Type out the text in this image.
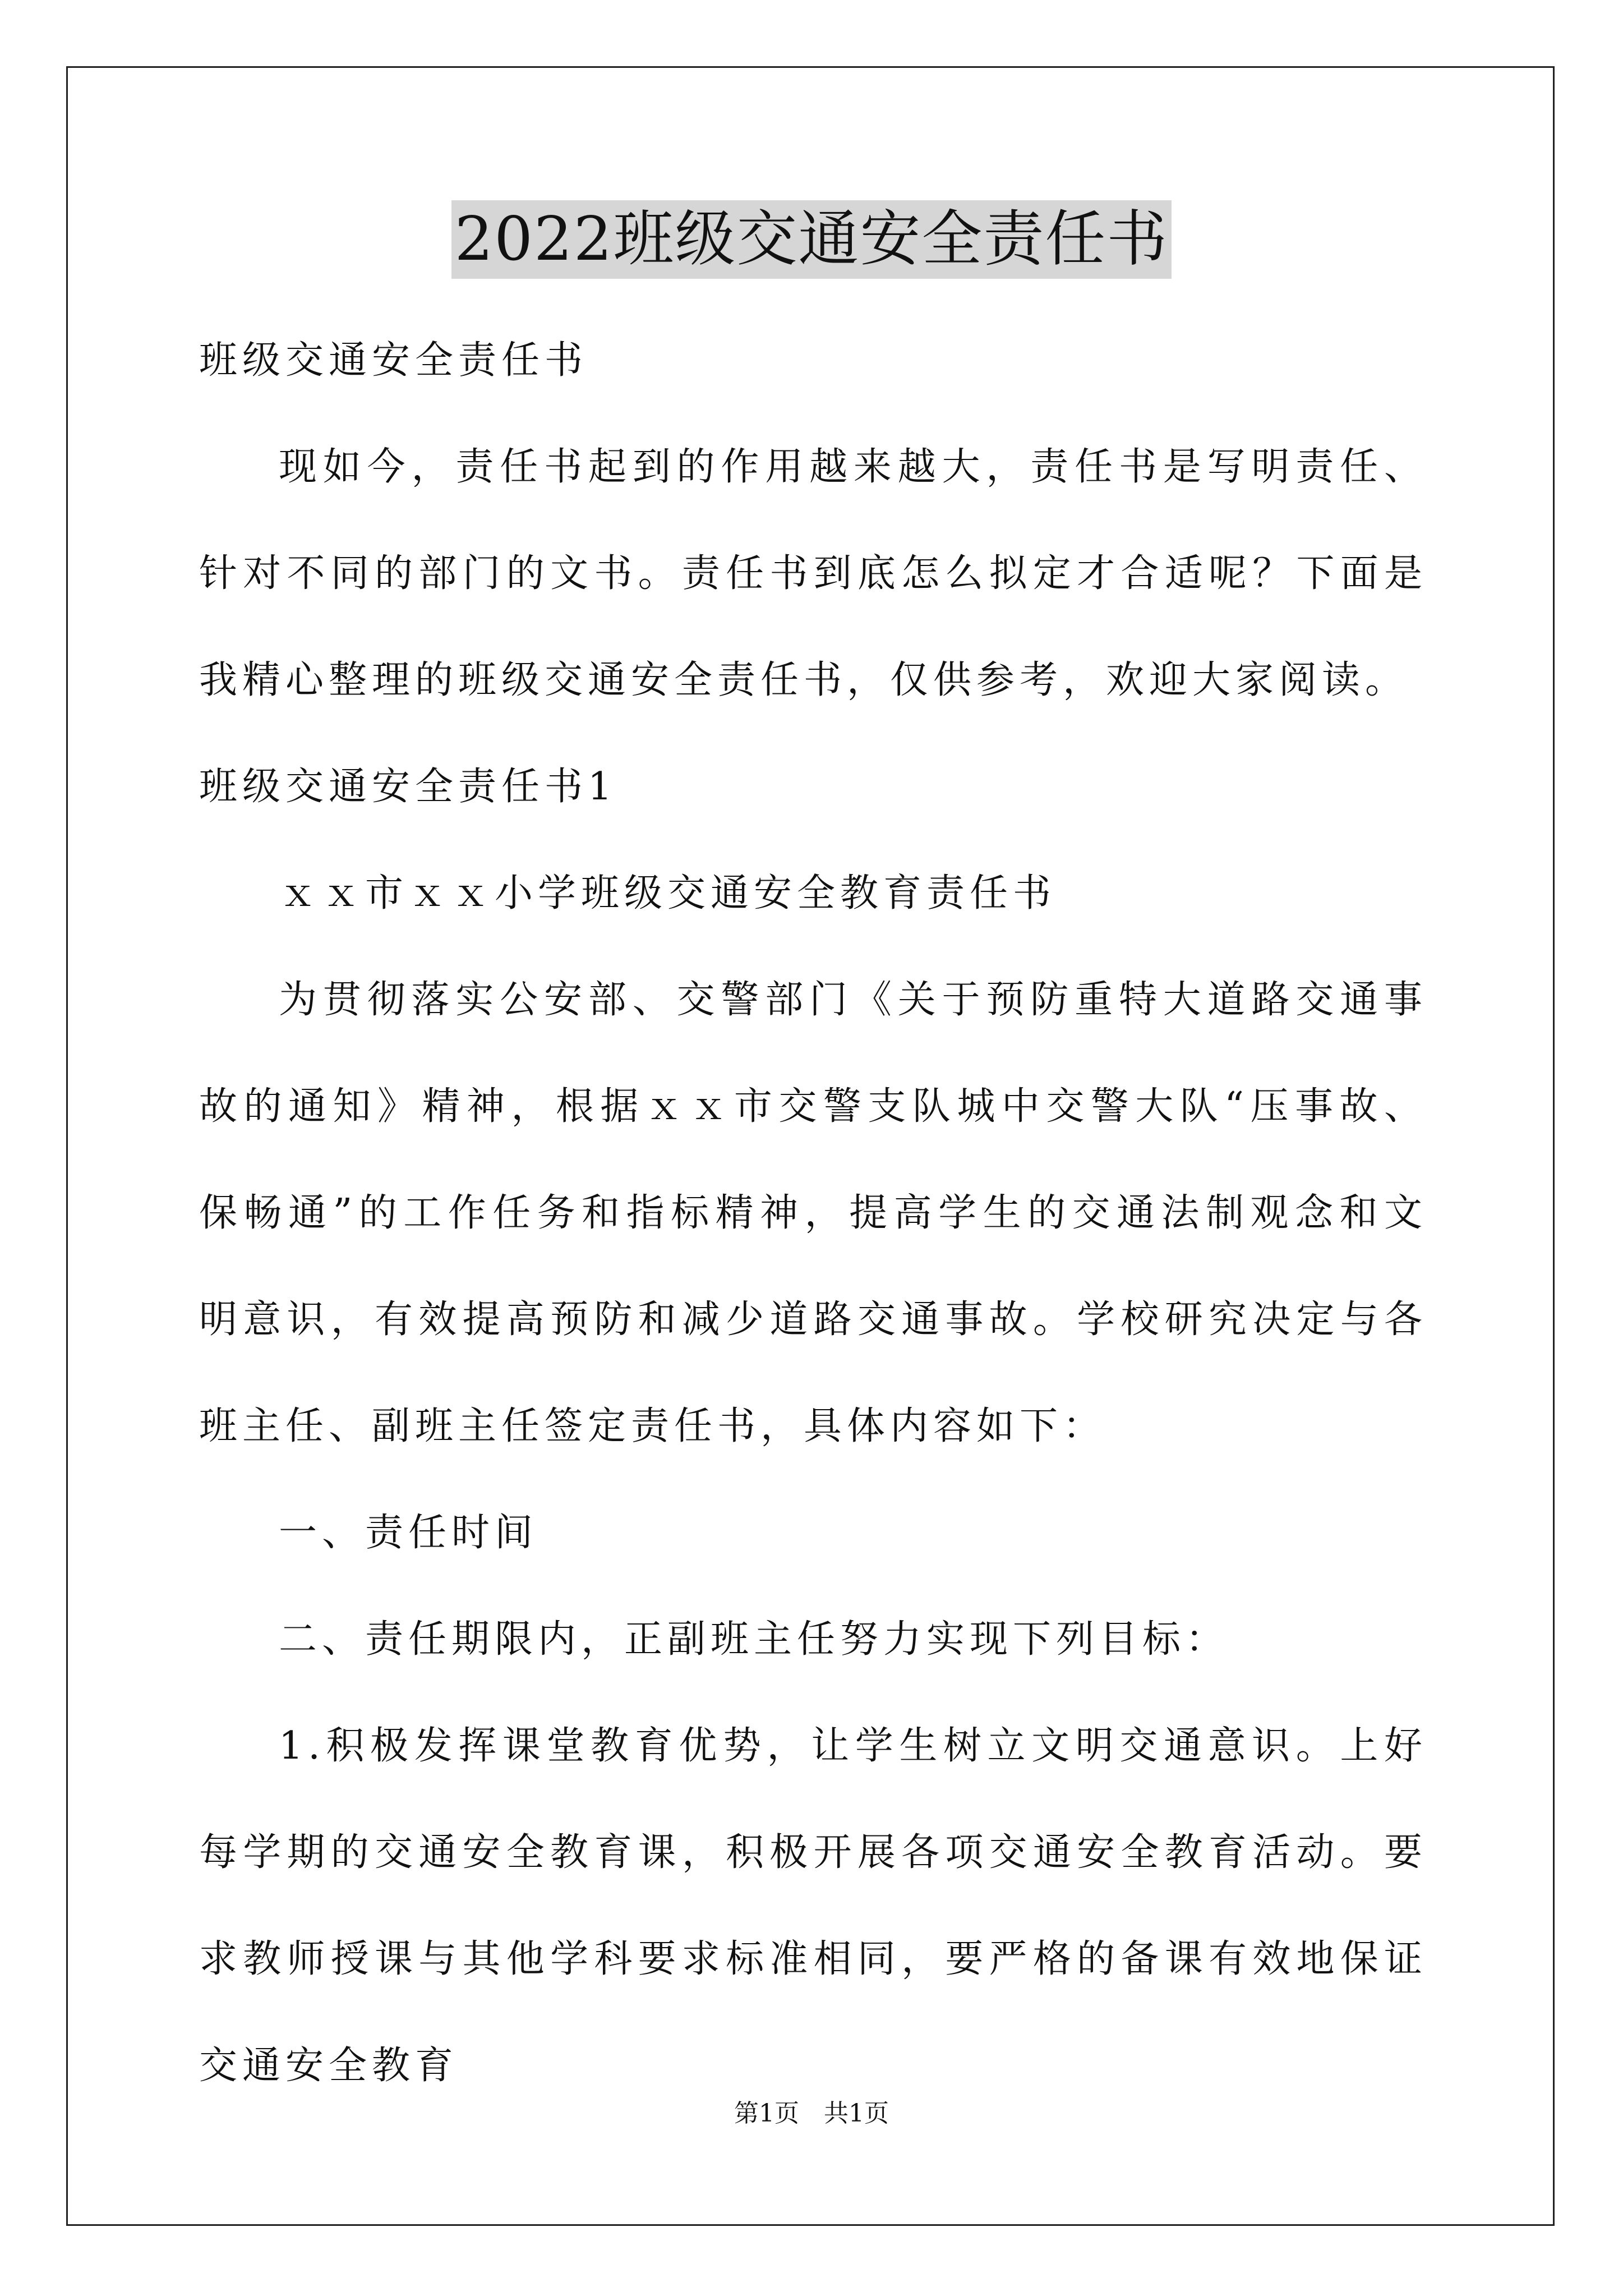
2022班级交通安全责任书

班级交通安全责任书

现如今，责任书起到的作用越来越大，责任书是写明责任、针对不同的部门的文书。责任书到底怎么拟定才合适呢？下面是我精心整理的班级交通安全责任书，仅供参考，欢迎大家阅读。

班级交通安全责任书1

ｘｘ市ｘｘ小学班级交通安全教育责任书

为贯彻落实公安部、交警部门《关于预防重特大道路交通事故的通知》精神，根据ｘｘ市交警支队城中交警大队“压事故、保畅通”的工作任务和指标精神，提高学生的交通法制观念和文明意识，有效提高预防和减少道路交通事故。学校研究决定与各班主任、副班主任签定责任书，具体内容如下：

一、责任时间

二、责任期限内，正副班主任努力实现下列目标：

1.积极发挥课堂教育优势，让学生树立文明交通意识。上好每学期的交通安全教育课，积极开展各项交通安全教育活动。要求教师授课与其他学科要求标准相同，要严格的备课有效地保证交通安全教育

第1页　共1页
